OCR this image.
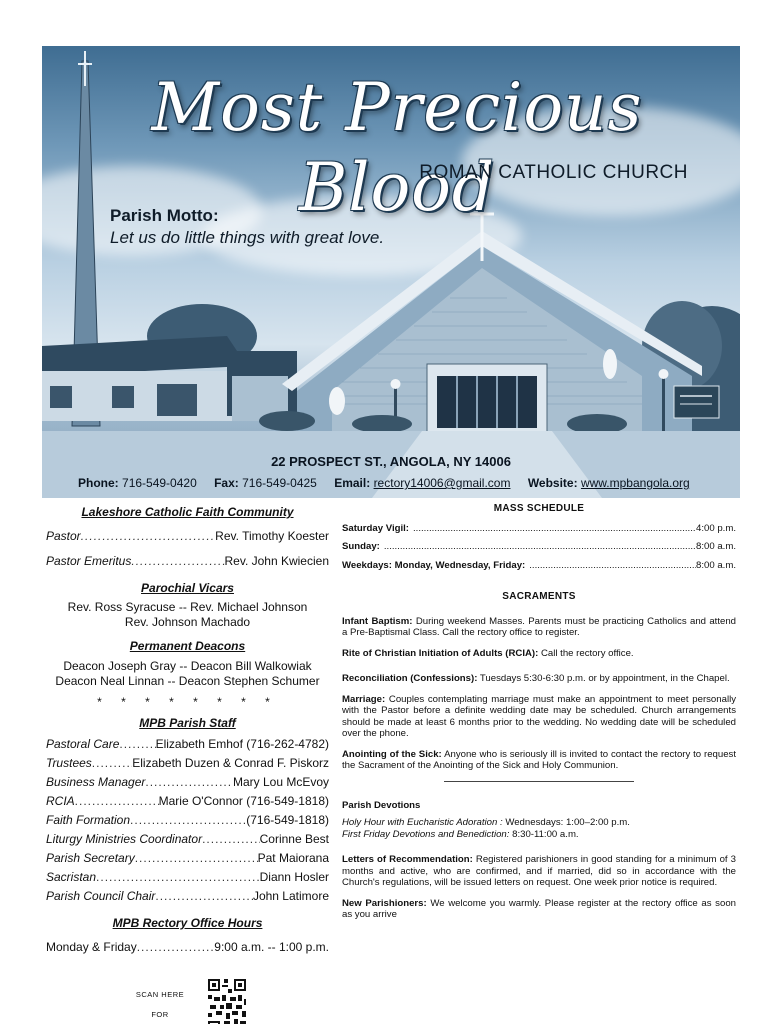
Most Precious Blood
ROMAN CATHOLIC CHURCH
Parish Motto:
Let us do little things with great love.
22 PROSPECT ST., ANGOLA, NY 14006
Phone: 716-549-0420 Fax: 716-549-0425 Email: rectory14006@gmail.com Website: www.mpbangola.org
Lakeshore Catholic Faith Community
Pastor .....	Rev. Timothy Koester
Pastor Emeritus .....	Rev. John Kwiecien
Parochial Vicars
Rev. Ross Syracuse -- Rev. Michael Johnson
Rev. Johnson Machado
Permanent Deacons
Deacon Joseph Gray -- Deacon Bill Walkowiak
Deacon Neal Linnan -- Deacon Stephen Schumer
* * * * * * * *
MPB Parish Staff
Pastoral Care .....	Elizabeth Emhof (716-262-4782)
Trustees .....	Elizabeth Duzen & Conrad F. Piskorz
Business Manager .....	Mary Lou McEvoy
RCIA .....	Marie O'Connor (716-549-1818)
Faith Formation .....	(716-549-1818)
Liturgy Ministries Coordinator .....	Corinne Best
Parish Secretary .....	Pat Maiorana
Sacristan .....	Diann Hosler
Parish Council Chair .....	John Latimore
MPB Rectory Office Hours
Monday & Friday .....	9:00 a.m. -- 1:00 p.m.
SCAN HERE
FOR
MASS SCHEDULE
Saturday Vigil: .....	4:00 p.m.
Sunday: .....	8:00 a.m.
Weekdays: Monday, Wednesday, Friday: .....	8:00 a.m.
SACRAMENTS
Infant Baptism: During weekend Masses. Parents must be practicing Catholics and attend a Pre-Baptismal Class. Call the rectory office to register.
Rite of Christian Initiation of Adults (RCIA): Call the rectory office.
Reconciliation (Confessions): Tuesdays 5:30-6:30 p.m. or by appointment, in the Chapel.
Marriage: Couples contemplating marriage must make an appointment to meet personally with the Pastor before a definite wedding date may be scheduled. Church arrangements should be made at least 6 months prior to the wedding. No wedding date will be scheduled over the phone.
Anointing of the Sick: Anyone who is seriously ill is invited to contact the rectory to request the Sacrament of the Anointing of the Sick and Holy Communion.
Parish Devotions
Holy Hour with Eucharistic Adoration : Wednesdays: 1:00–2:00 p.m.
First Friday Devotions and Benediction: 8:30-11:00 a.m.
Letters of Recommendation: Registered parishioners in good standing for a minimum of 3 months and active, who are confirmed, and if married, did so in accordance with the Church's regulations, will be issued letters on request. One week prior notice is required.
New Parishioners: We welcome you warmly. Please register at the rectory office as soon as you arrive
